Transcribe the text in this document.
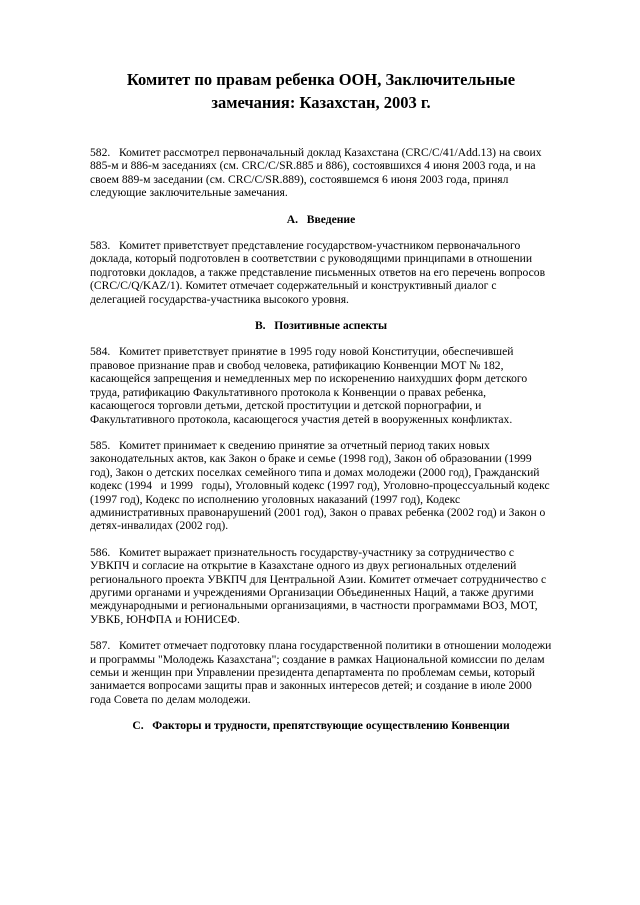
Комитет по правам ребенка ООН, Заключительные замечания: Казахстан, 2003 г.

582.   Комитет рассмотрел первоначальный доклад Казахстана (CRC/C/41/Add.13) на своих 885-м и 886-м заседаниях (см. CRC/C/SR.885 и 886), состоявшихся 4 июня 2003 года, и на своем 889-м заседании (см. CRC/C/SR.889), состоявшемся 6 июня 2003 года, принял следующие заключительные замечания.

A.   Введение

583.   Комитет приветствует представление государством-участником первоначального доклада, который подготовлен в соответствии с руководящими принципами в отношении подготовки докладов, а также представление письменных ответов на его перечень вопросов (CRC/C/Q/KAZ/1). Комитет отмечает содержательный и конструктивный диалог с делегацией государства-участника высокого уровня.

B.   Позитивные аспекты

584.   Комитет приветствует принятие в 1995 году новой Конституции, обеспечившей правовое признание прав и свобод человека, ратификацию Конвенции МОТ № 182, касающейся запрещения и немедленных мер по искоренению наихудших форм детского труда, ратификацию Факультативного протокола к Конвенции о правах ребенка, касающегося торговли детьми, детской проституции и детской порнографии, и Факультативного протокола, касающегося участия детей в вооруженных конфликтах.

585.   Комитет принимает к сведению принятие за отчетный период таких новых законодательных актов, как Закон о браке и семье (1998 год), Закон об образовании (1999 год), Закон о детских поселках семейного типа и домах молодежи (2000 год), Гражданский кодекс (1994   и 1999   годы), Уголовный кодекс (1997 год), Уголовно-процессуальный кодекс (1997 год), Кодекс по исполнению уголовных наказаний (1997 год), Кодекс административных правонарушений (2001 год), Закон о правах ребенка (2002 год) и Закон о детях-инвалидах (2002 год).

586.   Комитет выражает признательность государству-участнику за сотрудничество с УВКПЧ и согласие на открытие в Казахстане одного из двух региональных отделений регионального проекта УВКПЧ для Центральной Азии. Комитет отмечает сотрудничество с другими органами и учреждениями Организации Объединенных Наций, а также другими международными и региональными организациями, в частности программами ВОЗ, МОТ, УВКБ, ЮНФПА и ЮНИСЕФ.

587.   Комитет отмечает подготовку плана государственной политики в отношении молодежи и программы "Молодежь Казахстана"; создание в рамках Национальной комиссии по делам семьи и женщин при Управлении президента департамента по проблемам семьи, который занимается вопросами защиты прав и законных интересов детей; и создание в июле 2000   года Совета по делам молодежи.

C.   Факторы и трудности, препятствующие осуществлению Конвенции
